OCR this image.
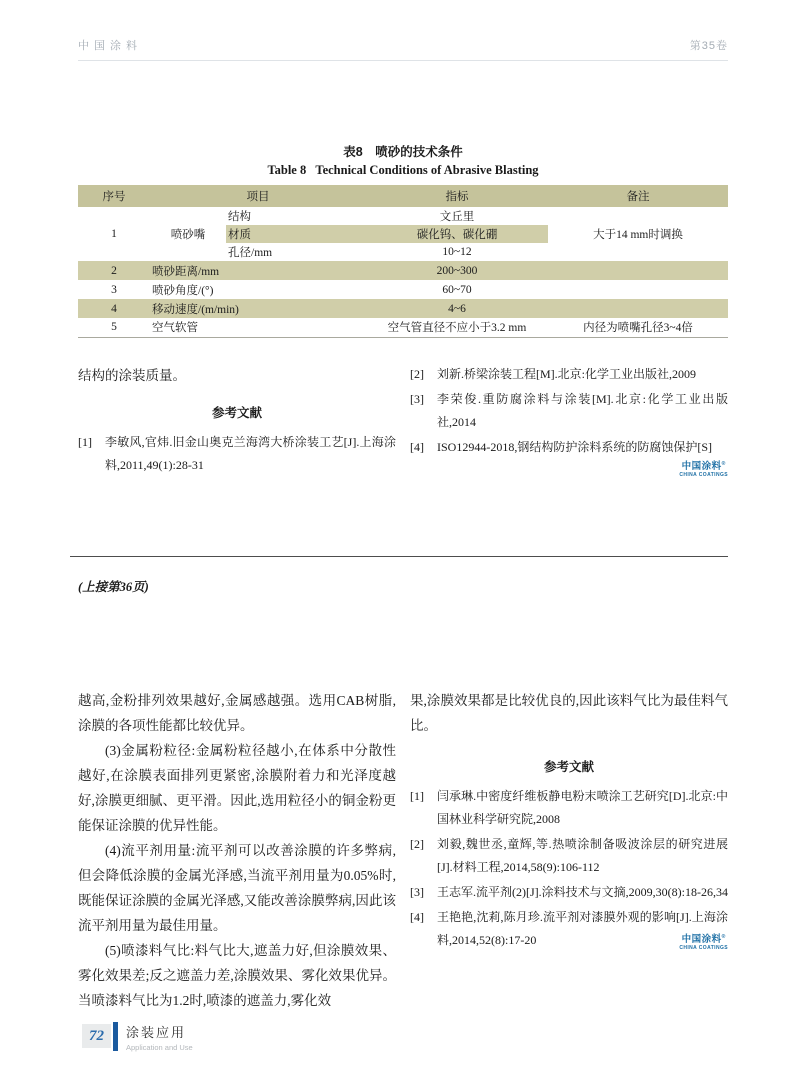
中国涂料	第35卷
表8　喷砂的技术条件
Table 8   Technical Conditions of Abrasive Blasting
序号	项目		指标	备注
1	喷砂嘴	结构	文丘里	大于14 mm时调换
		材质	碳化钨、碳化硼	
		孔径/mm	10~12	
2	喷砂距离/mm		200~300	
3	喷砂角度/(°)		60~70	
4	移动速度/(m/min)		4~6	
5	空气软管		空气管直径不应小于3.2 mm	内径为喷嘴孔径3~4倍
结构的涂装质量。
参考文献
[1]	李敏风,官炜.旧金山奥克兰海湾大桥涂装工艺[J].上海涂料,2011,49(1):28-31
[2]	刘新.桥梁涂装工程[M].北京:化学工业出版社,2009
[3]	李荣俊.重防腐涂料与涂装[M].北京:化学工业出版社,2014
[4]	ISO12944-2018,钢结构防护涂料系统的防腐蚀保护[S]
中国涂料®
CHINA COATINGS
(上接第36页)
越高,金粉排列效果越好,金属感越强。选用CAB树脂,涂膜的各项性能都比较优异。
(3)金属粉粒径:金属粉粒径越小,在体系中分散性越好,在涂膜表面排列更紧密,涂膜附着力和光泽度越好,涂膜更细腻、更平滑。因此,选用粒径小的铜金粉更能保证涂膜的优异性能。
(4)流平剂用量:流平剂可以改善涂膜的许多弊病,但会降低涂膜的金属光泽感,当流平剂用量为0.05%时,既能保证涂膜的金属光泽感,又能改善涂膜弊病,因此该流平剂用量为最佳用量。
(5)喷漆料气比:料气比大,遮盖力好,但涂膜效果、雾化效果差;反之遮盖力差,涂膜效果、雾化效果优异。当喷漆料气比为1.2时,喷漆的遮盖力,雾化效
果,涂膜效果都是比较优良的,因此该料气比为最佳料气比。
参考文献
[1]	闫承琳.中密度纤维板静电粉末喷涂工艺研究[D].北京:中国林业科学研究院,2008
[2]	刘毅,魏世丞,童辉,等.热喷涂制备吸波涂层的研究进展[J].材料工程,2014,58(9):106-112
[3]	王志军.流平剂(2)[J].涂料技术与文摘,2009,30(8):18-26,34
[4]	王艳艳,沈莉,陈月珍.流平剂对漆膜外观的影响[J].上海涂料,2014,52(8):17-20	中国涂料®
CHINA COATINGS
72	涂装应用
Application and Use
